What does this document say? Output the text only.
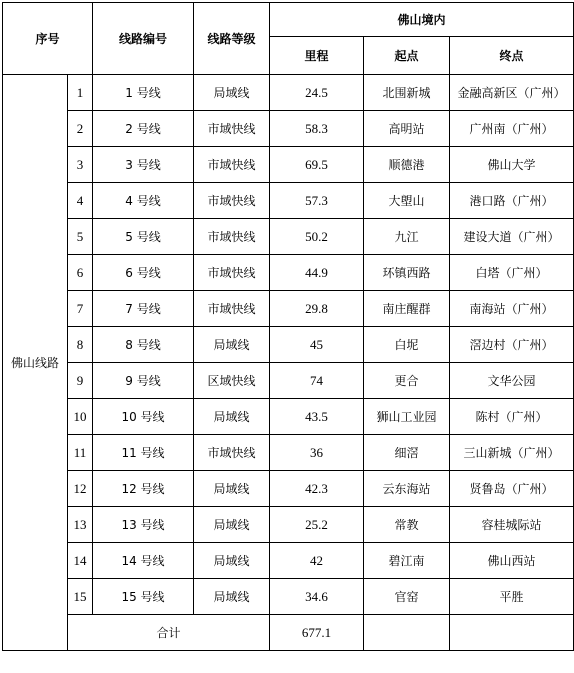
序号		线路编号	线路等级	佛山境内		
				里程	起点	终点
佛山线路	1	1 号线	局域线	24.5	北围新城	金融高新区（广州）
	2	2 号线	市域快线	58.3	高明站	广州南（广州）
	3	3 号线	市域快线	69.5	顺德港	佛山大学
	4	4 号线	市域快线	57.3	大塱山	港口路（广州）
	5	5 号线	市域快线	50.2	九江	建设大道（广州）
	6	6 号线	市域快线	44.9	环镇西路	白塔（广州）
	7	7 号线	市域快线	29.8	南庄醒群	南海站（广州）
	8	8 号线	局域线	45	白坭	滘边村（广州）
	9	9 号线	区域快线	74	更合	文华公园
	10	10 号线	局域线	43.5	狮山工业园	陈村（广州）
	11	11 号线	市域快线	36	细滘	三山新城（广州）
	12	12 号线	局域线	42.3	云东海站	贤鲁岛（广州）
	13	13 号线	局域线	25.2	常教	容桂城际站
	14	14 号线	局域线	42	碧江南	佛山西站
	15	15 号线	局域线	34.6	官窑	平胜
	合计			677.1		
